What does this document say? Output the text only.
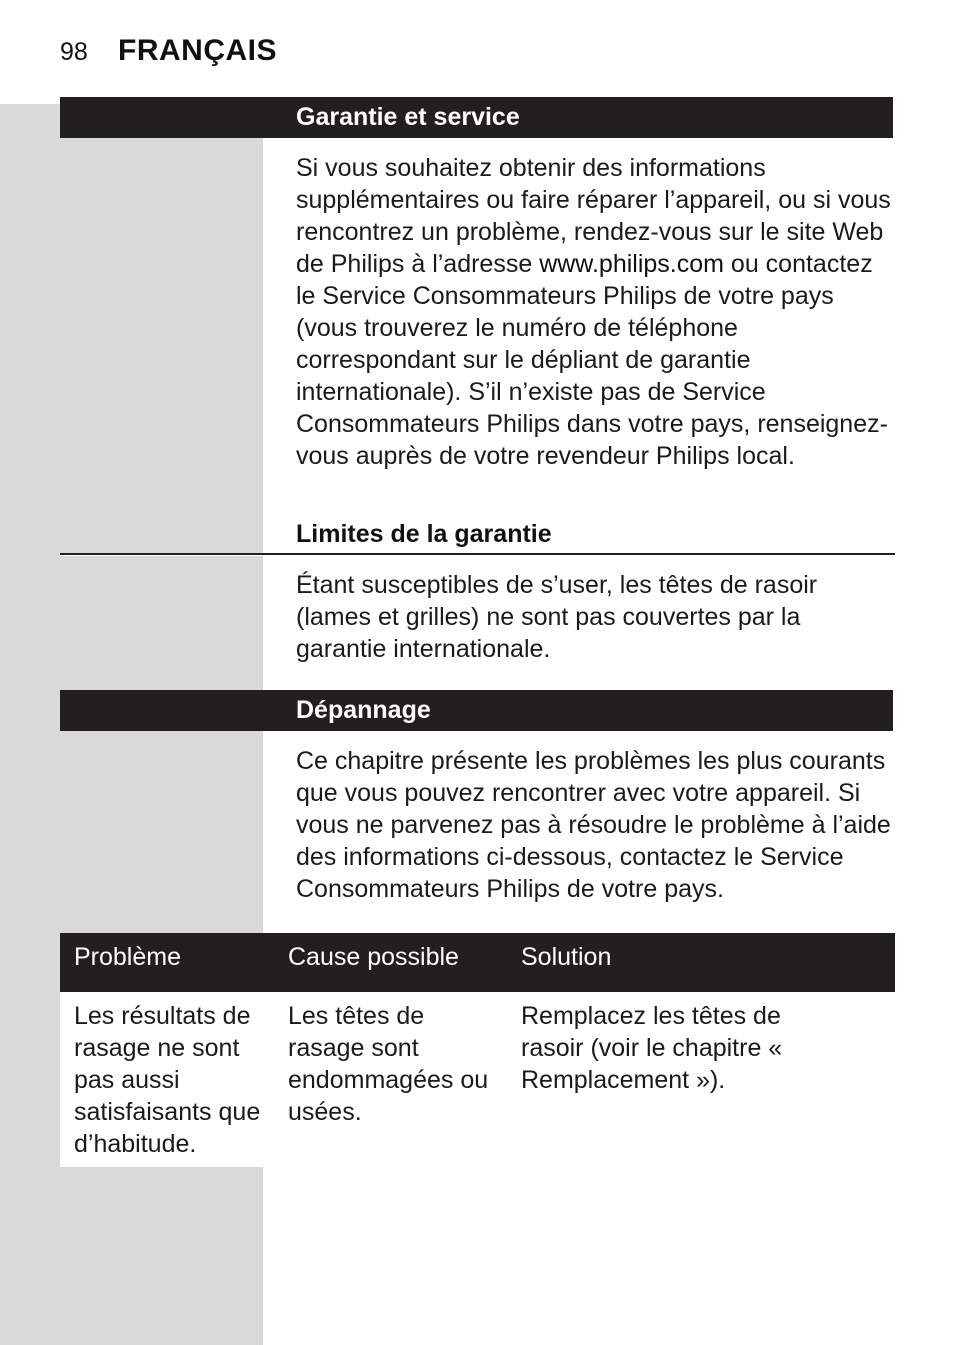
98 FRANÇAIS
Garantie et service

Si vous souhaitez obtenir des informations supplémentaires ou faire réparer l’appareil, ou si vous rencontrez un problème, rendez-vous sur le site Web de Philips à l’adresse www.philips.com ou contactez le Service Consommateurs Philips de votre pays (vous trouverez le numéro de téléphone correspondant sur le dépliant de garantie internationale). S’il n’existe pas de Service Consommateurs Philips dans votre pays, renseignez-vous auprès de votre revendeur Philips local.

Limites de la garantie

Étant susceptibles de s’user, les têtes de rasoir (lames et grilles) ne sont pas couvertes par la garantie internationale.

Dépannage

Ce chapitre présente les problèmes les plus courants que vous pouvez rencontrer avec votre appareil. Si vous ne parvenez pas à résoudre le problème à l’aide des informations ci-dessous, contactez le Service Consommateurs Philips de votre pays.

Problème	Cause possible	Solution
Les résultats de rasage ne sont pas aussi satisfaisants que d’habitude.
Les têtes de rasage sont endommagées ou usées.
Remplacez les têtes de rasoir (voir le chapitre « Remplacement »).
